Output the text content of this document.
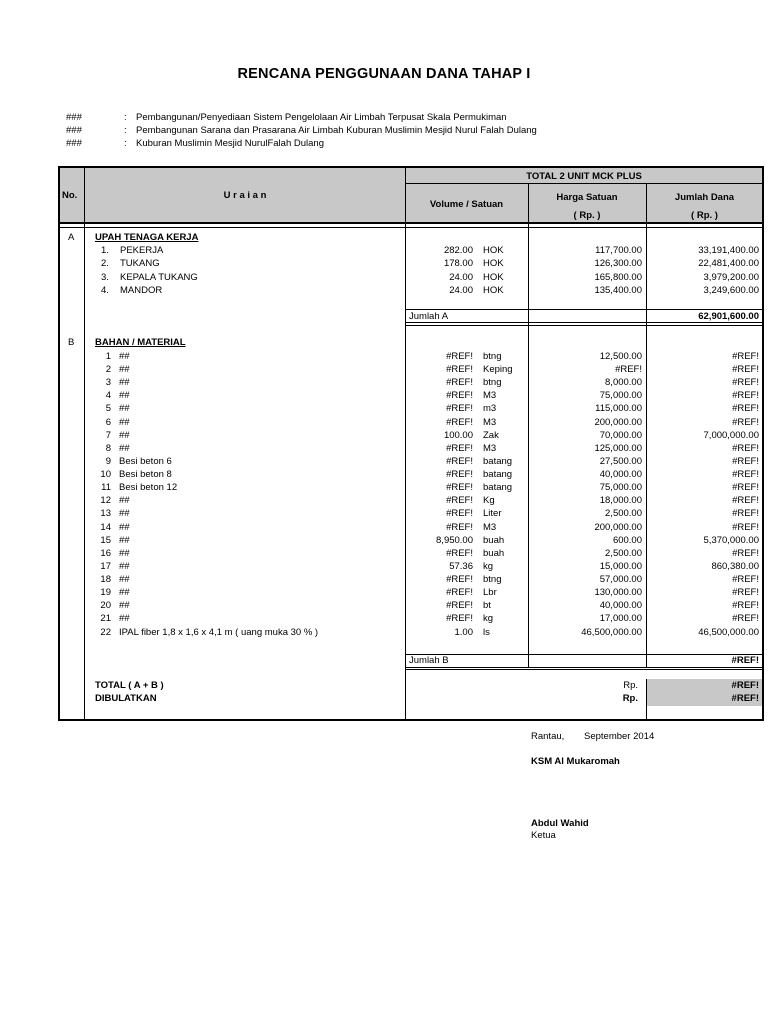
RENCANA PENGGUNAAN DANA TAHAP I
###	: Pembangunan/Penyediaan Sistem Pengelolaan Air Limbah Terpusat Skala Permukiman
###	: Pembangunan Sarana dan Prasarana Air Limbah Kuburan Muslimin Mesjid Nurul Falah Dulang
###	: Kuburan Muslimin Mesjid NurulFalah Dulang
No.	U r a i a n
TOTAL 2 UNIT MCK PLUS
Volume / Satuan
Harga Satuan
( Rp. )
Jumlah Dana
( Rp. )
A UPAH TENAGA KERJA
1. PEKERJA	282.00 HOK	117,700.00	33,191,400.00
2. TUKANG	178.00 HOK	126,300.00	22,481,400.00
3. KEPALA TUKANG	24.00 HOK	165,800.00	3,979,200.00
4. MANDOR	24.00 HOK	135,400.00	3,249,600.00
Jumlah A	62,901,600.00
B BAHAN / MATERIAL
1 ##	#REF! btng	12,500.00	#REF!
2 ##	#REF! Keping	#REF!	#REF!
3 ##	#REF! btng	8,000.00	#REF!
4 ##	#REF! M3	75,000.00	#REF!
5 ##	#REF! m3	115,000.00	#REF!
6 ##	#REF! M3	200,000.00	#REF!
7 ##	100.00 Zak	70,000.00	7,000,000.00
8 ##	#REF! M3	125,000.00	#REF!
9 Besi beton 6	#REF! batang	27,500.00	#REF!
10 Besi beton 8	#REF! batang	40,000.00	#REF!
11 Besi beton 12	#REF! batang	75,000.00	#REF!
12 ##	#REF! Kg	18,000.00	#REF!
13 ##	#REF! Liter	2,500.00	#REF!
14 ##	#REF! M3	200,000.00	#REF!
15 ##	8,950.00 buah	600.00	5,370,000.00
16 ##	#REF! buah	2,500.00	#REF!
17 ##	57.36 kg	15,000.00	860,380.00
18 ##	#REF! btng	57,000.00	#REF!
19 ##	#REF! Lbr	130,000.00	#REF!
20 ##	#REF! bt	40,000.00	#REF!
21 ##	#REF! kg	17,000.00	#REF!
22 IPAL fiber 1,8 x 1,6 x 4,1 m ( uang muka 30 % )	1.00 ls	46,500,000.00	46,500,000.00
Jumlah B	#REF!
TOTAL ( A + B )	Rp.	#REF!
DIBULATKAN	Rp.	#REF!
Rantau, September 2014
KSM Al Mukaromah
Abdul Wahid
Ketua
